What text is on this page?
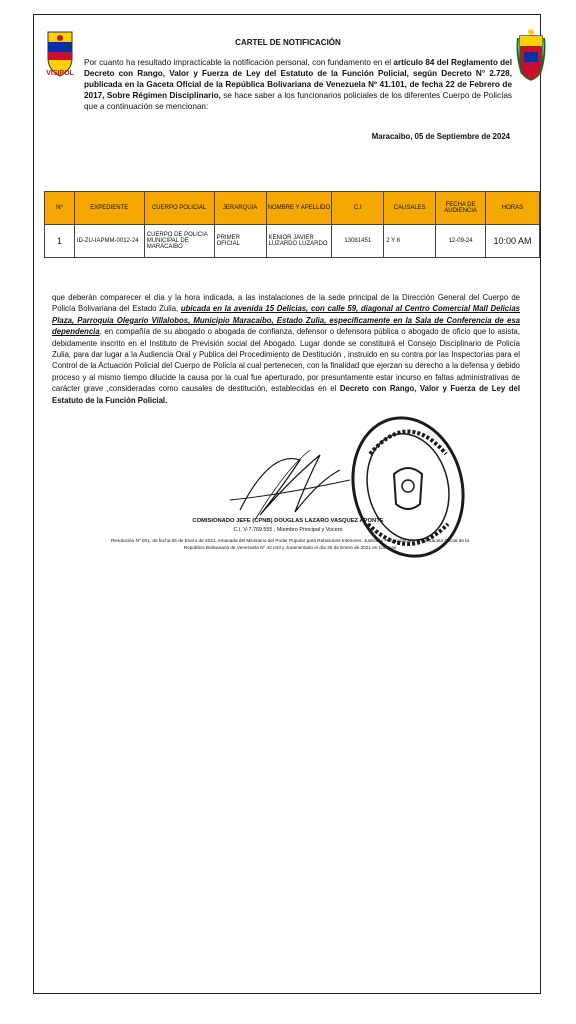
VISIPOL
CARTEL DE NOTIFICACIÓN
Por cuanto ha resultado impracticable la notificación personal, con fundamento en el artículo 84 del Reglamento del Decreto con Rango, Valor y Fuerza de Ley del Estatuto de la Función Policial, según Decreto N° 2.728, publicada en la Gaceta Oficial de la República Bolivariana de Venezuela Nº 41.101, de fecha 22 de Febrero de 2017, Sobre Régimen Disciplinario, se hace saber a los funcionarios policiales de los diferentes Cuerpo de Policías que a continuación se mencionan:
Maracaibo, 05 de Septiembre de 2024
Nº	EXPEDIENTE	CUERPO POLICIAL	JERARQUIA	NOMBRE Y APELLIDO	C.I	CAUSALES	FECHA DE AUDIENCIA	HORAS
1	ID-ZU-IAPMM-0012-24	CUERPO DE POLICIA MUNICIPAL DE MARACAIBO	PRIMER OFICIAL	KENIOR JAVIER LUZARDO LUZARDO	13081451	2 Y 8	12-09-24	10:00 AM
que deberán comparecer el día y la hora indicada, a las instalaciones de la sede principal de la Dirección General del Cuerpo de Policía Bolivariana del Estado Zulia, ubicada en la avenida 15 Delicias, con calle 59, diagonal al Centro Comercial Mall Delicias Plaza, Parroquia Olegario Villalobos, Municipio Maracaibo, Estado Zulia, específicamente en la Sala de Conferencia de esa dependencia, en compañía de su abogado o abogada de confianza, defensor o defensora pública o abogado de oficio que lo asista, debidamente inscrito en el Instituto de Previsión social del Abogado. Lugar donde se constituirá el Consejo Disciplinario de Policía Zulia, para dar lugar a la Audiencia Oral y Publica del Procedimiento de Destitución , instruido en su contra por las Inspectorías para el Control de la Actuación Policial del Cuerpo de Policía al cual pertenecen, con la finalidad que ejerzan su derecho a la defensa y debido proceso y al mismo tiempo dilucide la causa por la cual fue aperturado, por presuntamente estar incurso en faltas administrativas de carácter grave ,consideradas como causales de destitución, establecidas en el Decreto con Rango, Valor y Fuerza de Ley del Estatuto de la Función Policial.
COMISIONADO JEFE (CPNB) DOUGLAS LAZARO VASQUEZ APONTE
C.I. V-7.769.555 , Miembro Principal y Vocero
Resolución Nº 001, de fecha 06 de Enero de 2021, emanada del Ministerio del Poder Popular para Relaciones Interiores, Justicia y Paz, publicada en la Gaceta Oficial de la República Bolivariana de Venezuela Nº 42.043 y Juramentado el día 20 de Enero de 2021 en Caracas
